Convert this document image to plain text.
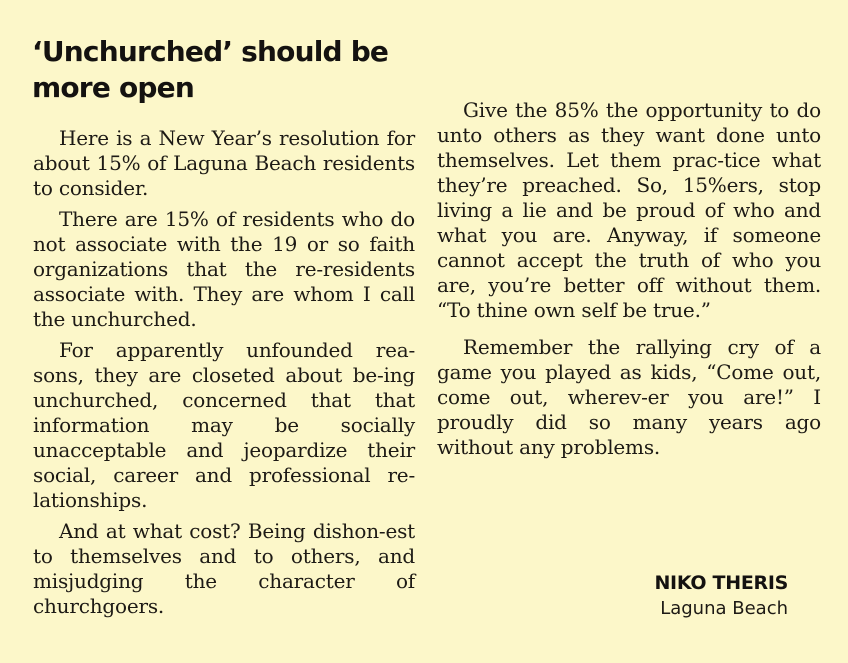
‘Unchurched’ should be more open

Here is a New Year’s resolution for about 15% of Laguna Beach residents to consider.

There are 15% of residents who do not associate with the 19 or so faith organizations that the re-residents associate with. They are whom I call the unchurched.

For apparently unfounded rea-sons, they are closeted about be-ing unchurched, concerned that that information may be socially unacceptable and jeopardize their social, career and professional re-lationships.

And at what cost? Being dishon-est to themselves and to others, and misjudging the character of churchgoers.

Give the 85% the opportunity to do unto others as they want done unto themselves. Let them prac-tice what they’re preached. So, 15%ers, stop living a lie and be proud of who and what you are. Anyway, if someone cannot accept the truth of who you are, you’re better off without them. “To thine own self be true.”

Remember the rallying cry of a game you played as kids, “Come out, come out, wherev-er you are!” I proudly did so many years ago without any problems.

NIKO THERIS
Laguna Beach
